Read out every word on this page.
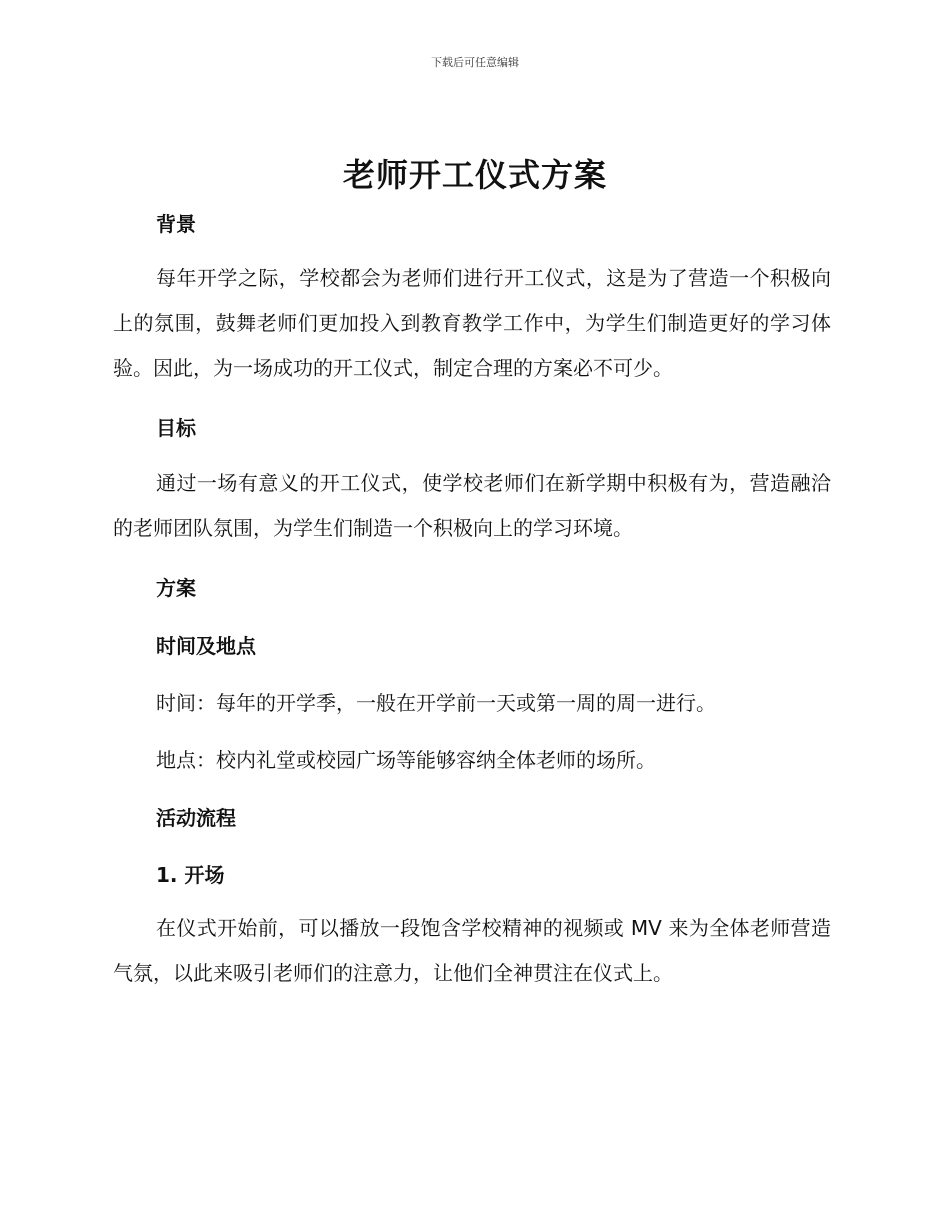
下载后可任意编辑
老师开工仪式方案
背景

每年开学之际，学校都会为老师们进行开工仪式，这是为了营造一个积极向上的氛围，鼓舞老师们更加投入到教育教学工作中，为学生们制造更好的学习体验。因此，为一场成功的开工仪式，制定合理的方案必不可少。

目标

通过一场有意义的开工仪式，使学校老师们在新学期中积极有为，营造融洽的老师团队氛围，为学生们制造一个积极向上的学习环境。

方案
时间及地点

时间：每年的开学季，一般在开学前一天或第一周的周一进行。

地点：校内礼堂或校园广场等能够容纳全体老师的场所。

活动流程
1. 开场

在仪式开始前，可以播放一段饱含学校精神的视频或 MV 来为全体老师营造气氛，以此来吸引老师们的注意力，让他们全神贯注在仪式上。
